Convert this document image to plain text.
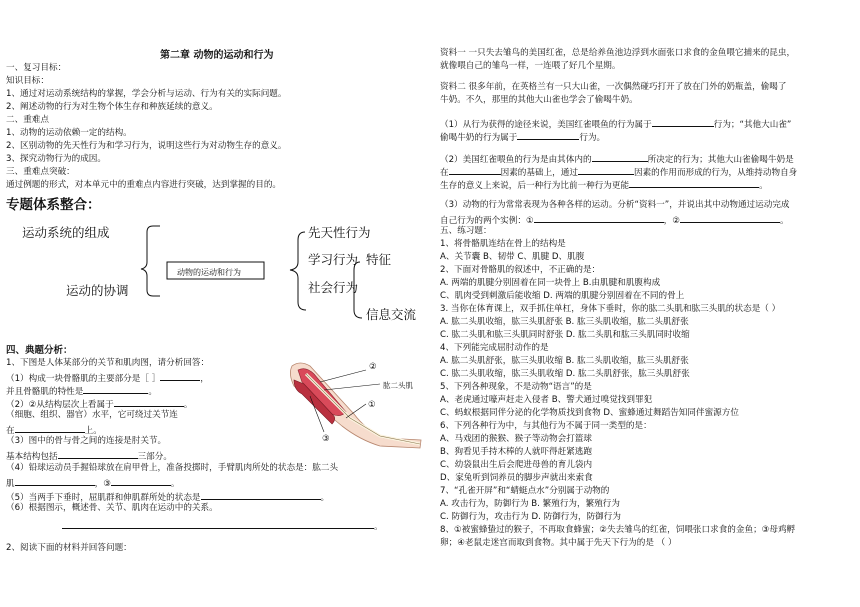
第二章 动物的运动和行为
一、复习目标：
知识目标：
1、通过对运动系统结构的掌握，学会分析与运动、行为有关的实际问题。
2、阐述动物的行为对生物个体生存和种族延续的意义。
二、重难点
1、动物的运动依赖一定的结构。
2、区别动物的先天性行为和学习行为，说明这些行为对动物生存的意义。
3、探究动物行为的成因。
三、重难点突破：
通过例题的形式，对本单元中的重难点内容进行突破，达到掌握的目的。
专题体系整合：
运动系统的组成
运动的协调
动物的运动和行为
先天性行为
学习行为 特征
社会行为
信息交流
四、典题分析：
1、下图是人体某部分的关节和肌肉图，请分析回答：
（1）构成一块骨骼肌的主要部分是［ ］	，
并且骨骼肌的特性是	。
（2）②从结构层次上看属于	。
（细胞、组织、器官）水平，它可绕过关节连
在	上。
（3）图中的骨与骨之间的连接是肘关节。
基本结构包括	三部分。
（4）铅球运动员手握铅球放在肩甲骨上，准备投掷时，手臂肌肉所处的状态是：肱二头
肌	，③	。
（5）当两手下垂时，屈肌群和伸肌群所处的状态是	。
（6）根据图示，概述骨、关节、肌肉在运动中的关系。
。
2、阅读下面的材料并回答问题：
②
肱二头肌
①
③
资料一 一只失去雏鸟的美国红雀，总是给养鱼池边浮到水面张口求食的金鱼喂它捕来的昆虫，
就像喂自己的雏鸟一样，一连喂了好几个星期。
资料二 很多年前，在英格兰有一只大山雀，一次偶然碰巧打开了放在门外的奶瓶盖，偷喝了
牛奶。不久，那里的其他大山雀也学会了偷喝牛奶。
（1）从行为获得的途径来说，美国红雀喂鱼的行为属于	行为；“其他大山雀”
偷喝牛奶的行为属于	行为。
（2）美国红雀喂鱼的行为是由其体内的	所决定的行为；其他大山雀偷喝牛奶是
在	因素的基础上，通过	因素的作用而形成的行为，从维持动物自身
生存的意义上来说，后一种行为比前一种行为更能	。
（3）动物的行为常常表现为各种各样的运动。分析“资料一”，并说出其中动物通过运动完成
自己行为的两个实例：①	，②	。
五、练习题：
1、将骨骼肌连结在骨上的结构是
A、关节囊 B、韧带 C、肌腱 D、肌腹
2、下面对骨骼肌的叙述中，不正确的是：
A. 两端的肌腱分别固着在同一块骨上 B.由肌腱和肌腹构成
C、肌肉受到刺激后能收缩 D. 两端的肌腱分别固着在不同的骨上
3. 当你在体育课上，双手抓住单杠，身体下垂时，你的肱二头肌和肱三头肌的状态是（ ）
A. 肱二头肌收缩，肱三头肌舒张 B. 肱三头肌收缩，肱二头肌舒张
C. 肱二头肌和肱三头肌同时舒张 D. 肱二头肌和肱三头肌同时收缩
4、下列能完成屈肘动作的是
A. 肱二头肌舒张，肱三头肌收缩 B. 肱二头肌收缩，肱三头肌舒张
C. 肱二头肌收缩，肱三头肌收缩 D. 肱二头肌舒张，肱三头肌舒张
5、下列各种现象，不是动物“语言”的是
A、老虎通过嚎声赶走入侵者 B、警犬通过嗅觉找到罪犯
C、蚂蚁根据同伴分泌的化学物质找到食物 D、蜜蜂通过舞蹈告知同伴蜜源方位
6、下列各种行为中，与其他行为不属于同一类型的是：
A、马戏团的猴猴、猴子等动物会打篮球
B、狗看见手持木棒的人就吓得赶紧逃跑
C、幼袋鼠出生后会爬进母兽的育儿袋内
D、家兔听到饲养员的脚步声就出来索食
7、“孔雀开屏”和“蜻蜓点水”分别属于动物的
A. 攻击行为，防御行为 B. 繁殖行为，繁殖行为
C. 防御行为，攻击行为 D. 防御行为，防御行为
8、①被蜜蜂蛰过的猴子，不再取食蜂蜜；②失去雏鸟的红雀，饲喂张口求食的金鱼；③母鸡孵
卵；④老鼠走迷宫而取到食物。其中属于先天下行为的是 （ ）
